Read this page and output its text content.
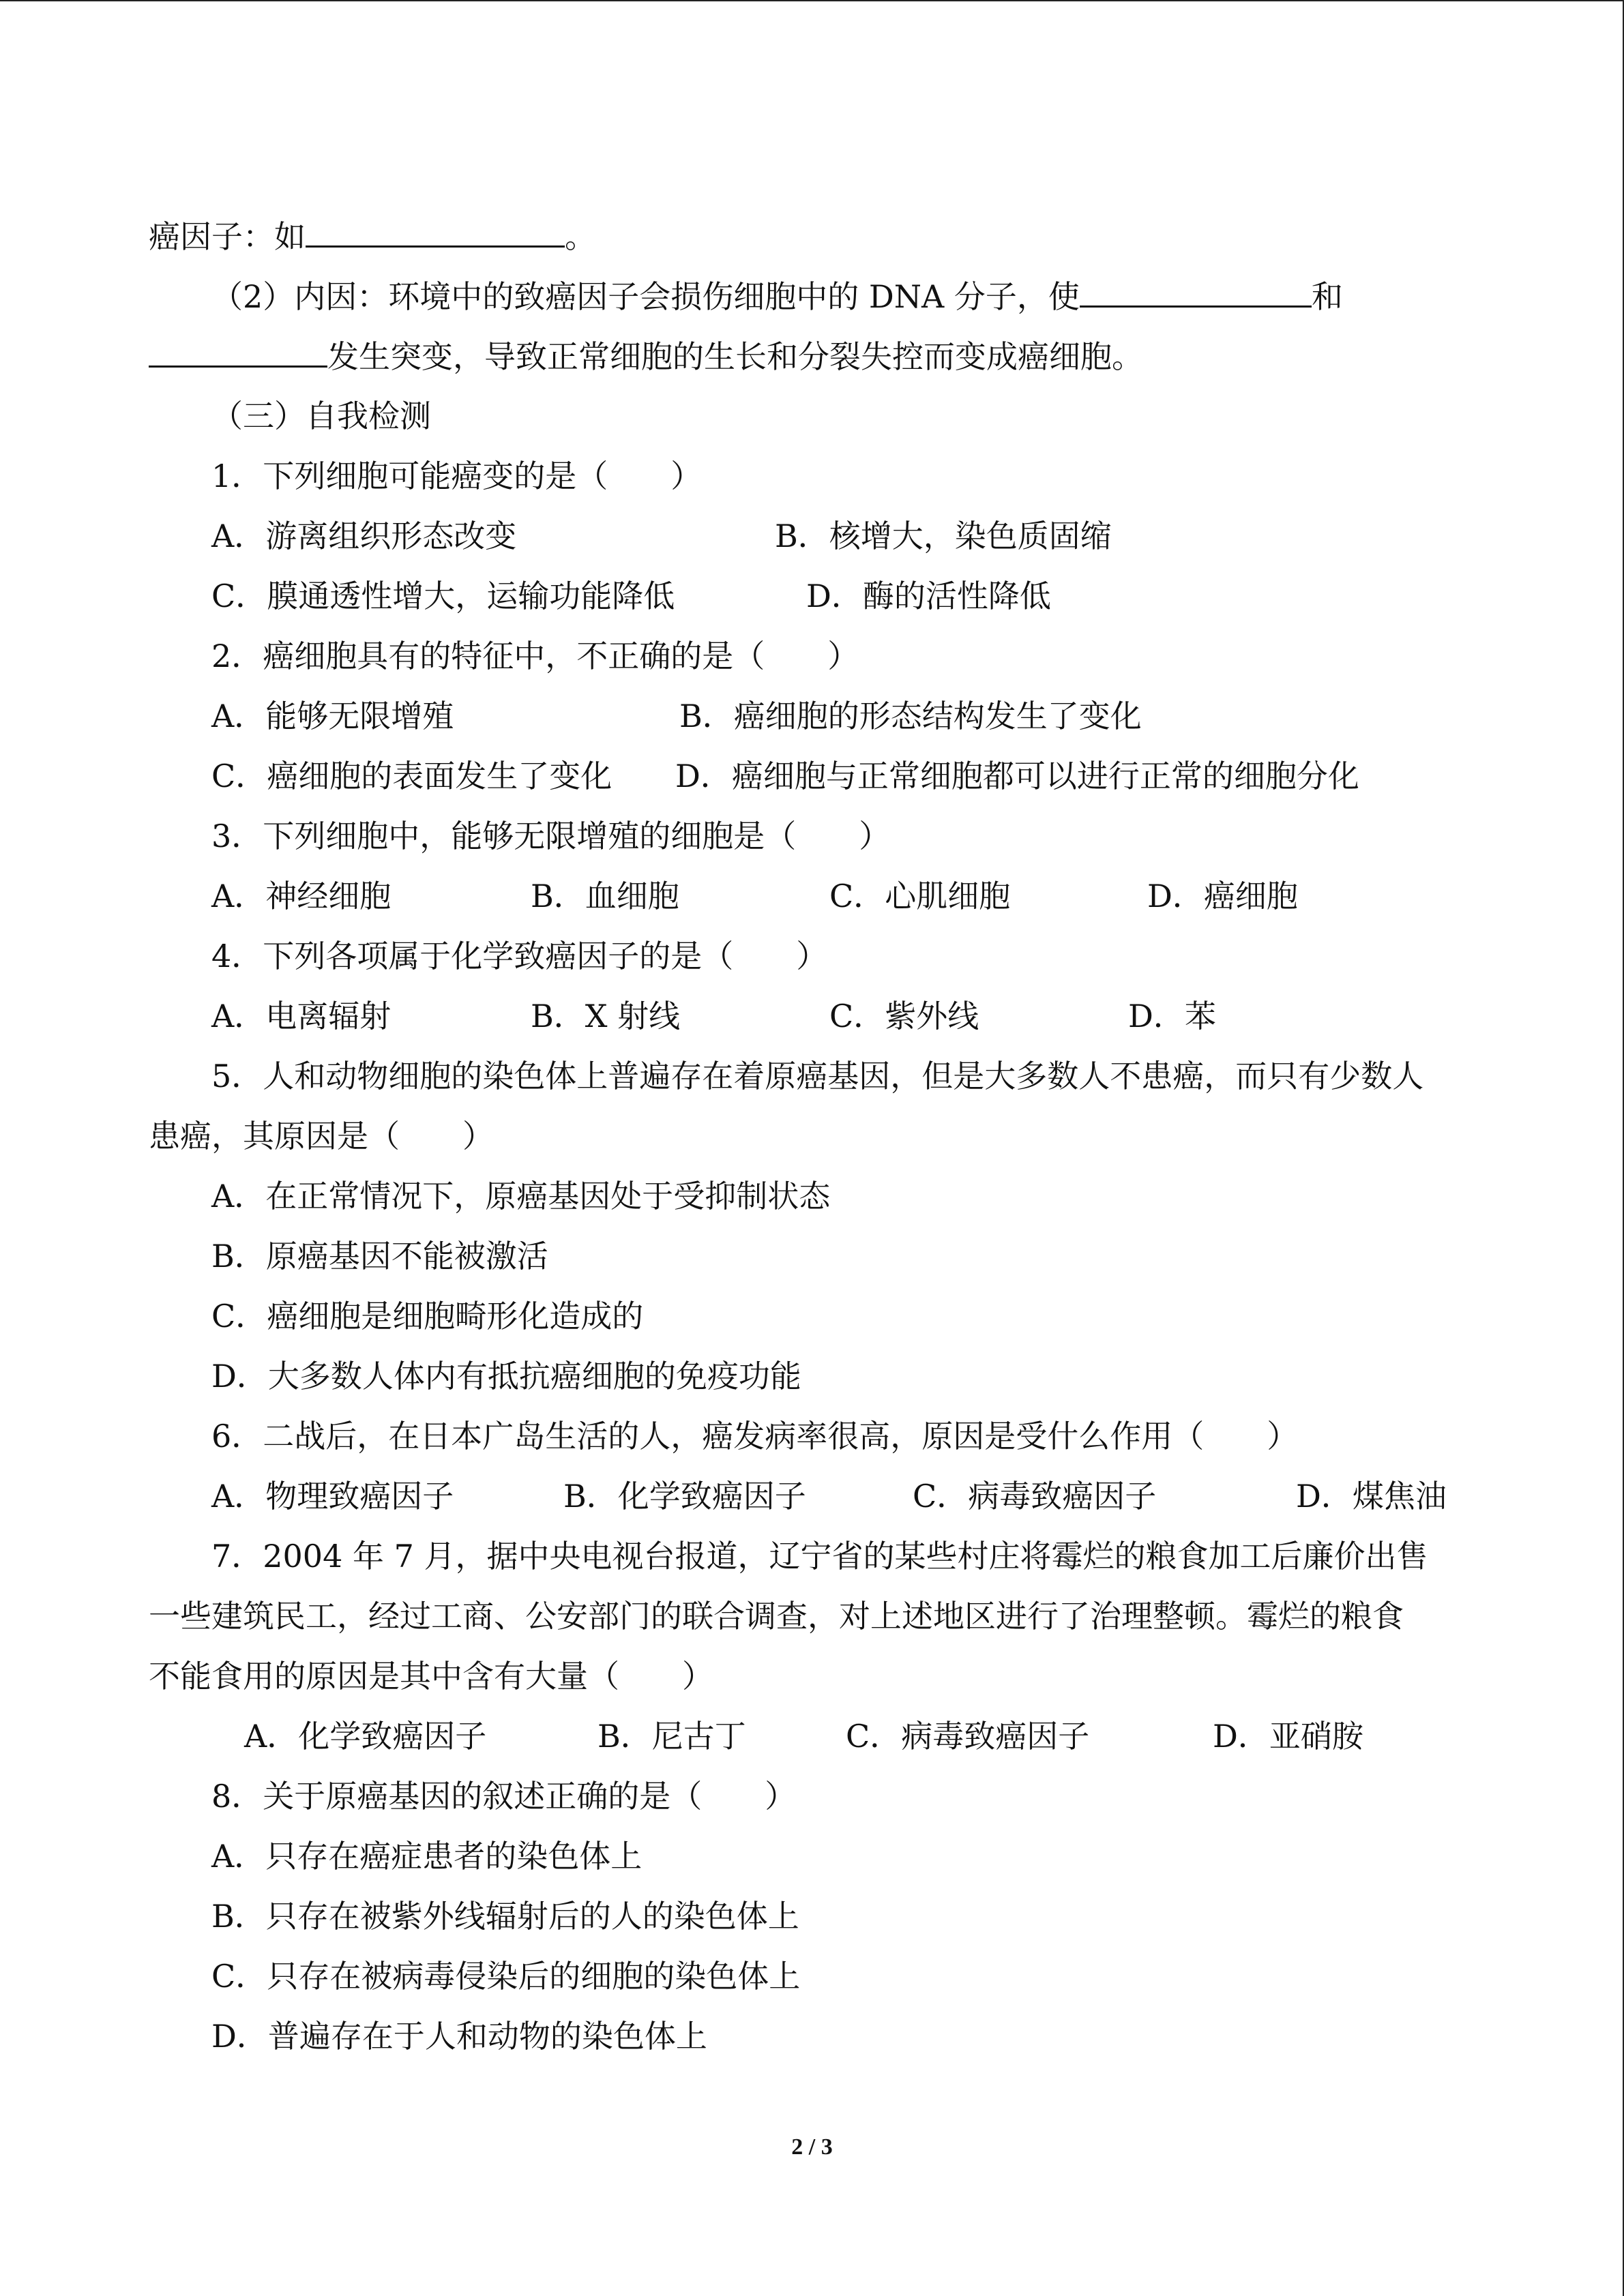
癌因子：如	。
（2）内因：环境中的致癌因子会损伤细胞中的 DNA 分子，使	和
发生突变，导致正常细胞的生长和分裂失控而变成癌细胞。
（三）自我检测
1．下列细胞可能癌变的是（　　）
A．游离组织形态改变	B．核增大，染色质固缩
C．膜通透性增大，运输功能降低	D．酶的活性降低
2．癌细胞具有的特征中，不正确的是（　　）
A．能够无限增殖	B．癌细胞的形态结构发生了变化
C．癌细胞的表面发生了变化 D．癌细胞与正常细胞都可以进行正常的细胞分化
3．下列细胞中，能够无限增殖的细胞是（　　）
A．神经细胞	B．血细胞	C．心肌细胞	D．癌细胞
4．下列各项属于化学致癌因子的是（　　）
A．电离辐射	B．X 射线	C．紫外线	D．苯
5．人和动物细胞的染色体上普遍存在着原癌基因，但是大多数人不患癌，而只有少数人
患癌，其原因是（　　）
A．在正常情况下，原癌基因处于受抑制状态
B．原癌基因不能被激活
C．癌细胞是细胞畸形化造成的
D．大多数人体内有抵抗癌细胞的免疫功能
6．二战后，在日本广岛生活的人，癌发病率很高，原因是受什么作用（　　）
A．物理致癌因子	B．化学致癌因子	C．病毒致癌因子	D．煤焦油
7．2004 年 7 月，据中央电视台报道，辽宁省的某些村庄将霉烂的粮食加工后廉价出售
一些建筑民工，经过工商、公安部门的联合调查，对上述地区进行了治理整顿。霉烂的粮食
不能食用的原因是其中含有大量（　　）
A．化学致癌因子	B．尼古丁	C．病毒致癌因子	D．亚硝胺
8．关于原癌基因的叙述正确的是（　　）
A．只存在癌症患者的染色体上
B．只存在被紫外线辐射后的人的染色体上
C．只存在被病毒侵染后的细胞的染色体上
D．普遍存在于人和动物的染色体上
2 / 3
